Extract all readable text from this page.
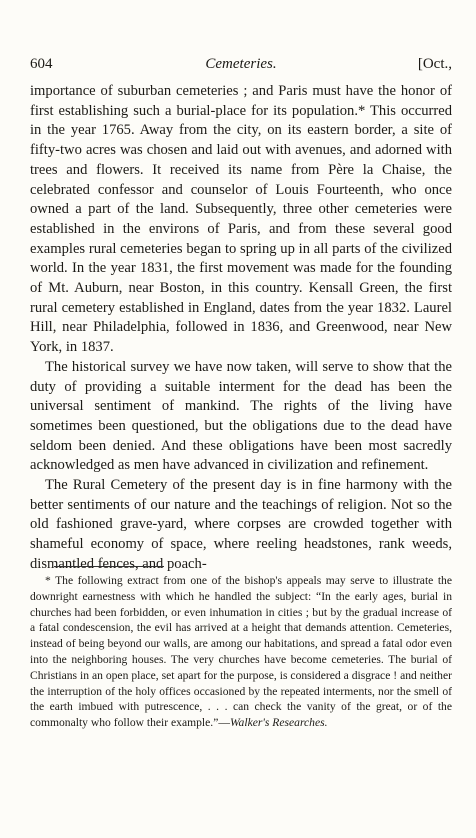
604	Cemeteries.	[Oct.,

importance of suburban cemeteries ; and Paris must have the honor of first establishing such a burial-place for its population.* This occurred in the year 1765. Away from the city, on its eastern border, a site of fifty-two acres was chosen and laid out with avenues, and adorned with trees and flowers. It received its name from Père la Chaise, the celebrated confessor and counselor of Louis Fourteenth, who once owned a part of the land. Subsequently, three other cemeteries were established in the environs of Paris, and from these several good examples rural cemeteries began to spring up in all parts of the civilized world. In the year 1831, the first movement was made for the founding of Mt. Auburn, near Boston, in this country. Kensall Green, the first rural cemetery established in England, dates from the year 1832. Laurel Hill, near Philadelphia, followed in 1836, and Greenwood, near New York, in 1837.

The historical survey we have now taken, will serve to show that the duty of providing a suitable interment for the dead has been the universal sentiment of mankind. The rights of the living have sometimes been questioned, but the obligations due to the dead have seldom been denied. And these obligations have been most sacredly acknowledged as men have advanced in civilization and refinement.

The Rural Cemetery of the present day is in fine harmony with the better sentiments of our nature and the teachings of religion. Not so the old fashioned grave-yard, where corpses are crowded together with shameful economy of space, where reeling headstones, rank weeds, dismantled fences, and poach-

* The following extract from one of the bishop's appeals may serve to illustrate the downright earnestness with which he handled the subject: “In the early ages, burial in churches had been forbidden, or even inhumation in cities ; but by the gradual increase of a fatal condescension, the evil has arrived at a height that demands attention. Cemeteries, instead of being beyond our walls, are among our habitations, and spread a fatal odor even into the neighboring houses. The very churches have become cemeteries. The burial of Christians in an open place, set apart for the purpose, is considered a disgrace ! and neither the interruption of the holy offices occasioned by the repeated interments, nor the smell of the earth imbued with putrescence, . . . can check the vanity of the great, or of the commonalty who follow their example.”—Walker's Researches.
